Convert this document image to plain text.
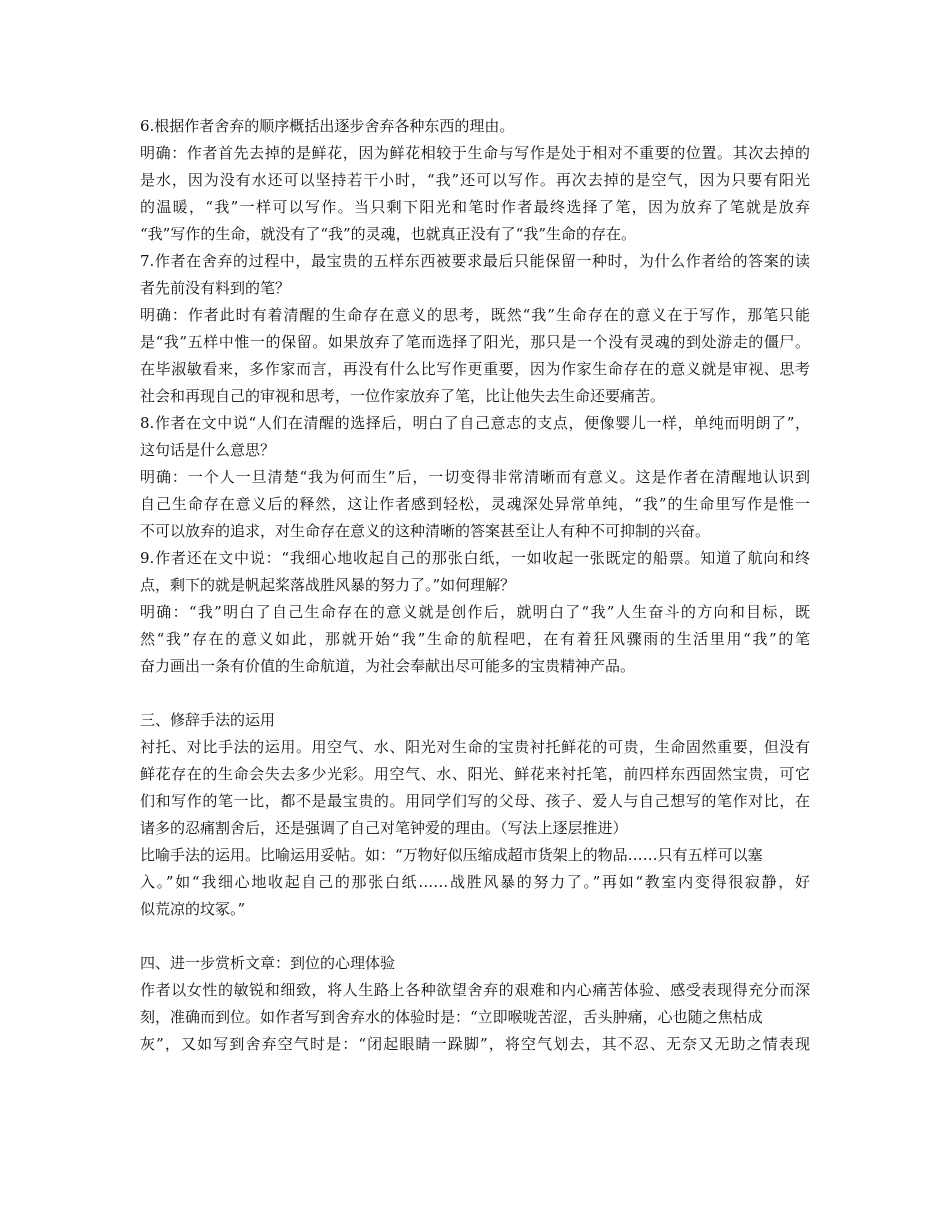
6.根据作者舍弃的顺序概括出逐步舍弃各种东西的理由。
明确：作者首先去掉的是鲜花，因为鲜花相较于生命与写作是处于相对不重要的位置。其次去掉的
是水，因为没有水还可以坚持若干小时，“我”还可以写作。再次去掉的是空气，因为只要有阳光
的温暖，“我”一样可以写作。当只剩下阳光和笔时作者最终选择了笔，因为放弃了笔就是放弃
“我”写作的生命，就没有了“我”的灵魂，也就真正没有了“我”生命的存在。
7.作者在舍弃的过程中，最宝贵的五样东西被要求最后只能保留一种时，为什么作者给的答案的读
者先前没有料到的笔？
明确：作者此时有着清醒的生命存在意义的思考，既然“我”生命存在的意义在于写作，那笔只能
是“我”五样中惟一的保留。如果放弃了笔而选择了阳光，那只是一个没有灵魂的到处游走的僵尸。
在毕淑敏看来，多作家而言，再没有什么比写作更重要，因为作家生命存在的意义就是审视、思考
社会和再现自己的审视和思考，一位作家放弃了笔，比让他失去生命还要痛苦。
8.作者在文中说“人们在清醒的选择后，明白了自己意志的支点，便像婴儿一样，单纯而明朗了”，
这句话是什么意思？
明确：一个人一旦清楚“我为何而生”后，一切变得非常清晰而有意义。这是作者在清醒地认识到
自己生命存在意义后的释然，这让作者感到轻松，灵魂深处异常单纯，“我”的生命里写作是惟一
不可以放弃的追求，对生命存在意义的这种清晰的答案甚至让人有种不可抑制的兴奋。
9.作者还在文中说：“我细心地收起自己的那张白纸，一如收起一张既定的船票。知道了航向和终
点，剩下的就是帆起桨落战胜风暴的努力了。”如何理解？
明确：“我”明白了自己生命存在的意义就是创作后，就明白了“我”人生奋斗的方向和目标，既
然“我”存在的意义如此，那就开始“我”生命的航程吧，在有着狂风骤雨的生活里用“我”的笔
奋力画出一条有价值的生命航道，为社会奉献出尽可能多的宝贵精神产品。
三、修辞手法的运用
衬托、对比手法的运用。用空气、水、阳光对生命的宝贵衬托鲜花的可贵，生命固然重要，但没有
鲜花存在的生命会失去多少光彩。用空气、水、阳光、鲜花来衬托笔，前四样东西固然宝贵，可它
们和写作的笔一比，都不是最宝贵的。用同学们写的父母、孩子、爱人与自己想写的笔作对比，在
诸多的忍痛割舍后，还是强调了自己对笔钟爱的理由。（写法上逐层推进）
比喻手法的运用。比喻运用妥帖。如：“万物好似压缩成超市货架上的物品……只有五样可以塞
入。”如“我细心地收起自己的那张白纸……战胜风暴的努力了。”再如“教室内变得很寂静，好
似荒凉的坟冢。”
四、进一步赏析文章：到位的心理体验
作者以女性的敏锐和细致，将人生路上各种欲望舍弃的艰难和内心痛苦体验、感受表现得充分而深
刻，准确而到位。如作者写到舍弃水的体验时是：“立即喉咙苦涩，舌头肿痛，心也随之焦枯成
灰”，又如写到舍弃空气时是：“闭起眼睛一跺脚”，将空气划去，其不忍、无奈又无助之情表现
